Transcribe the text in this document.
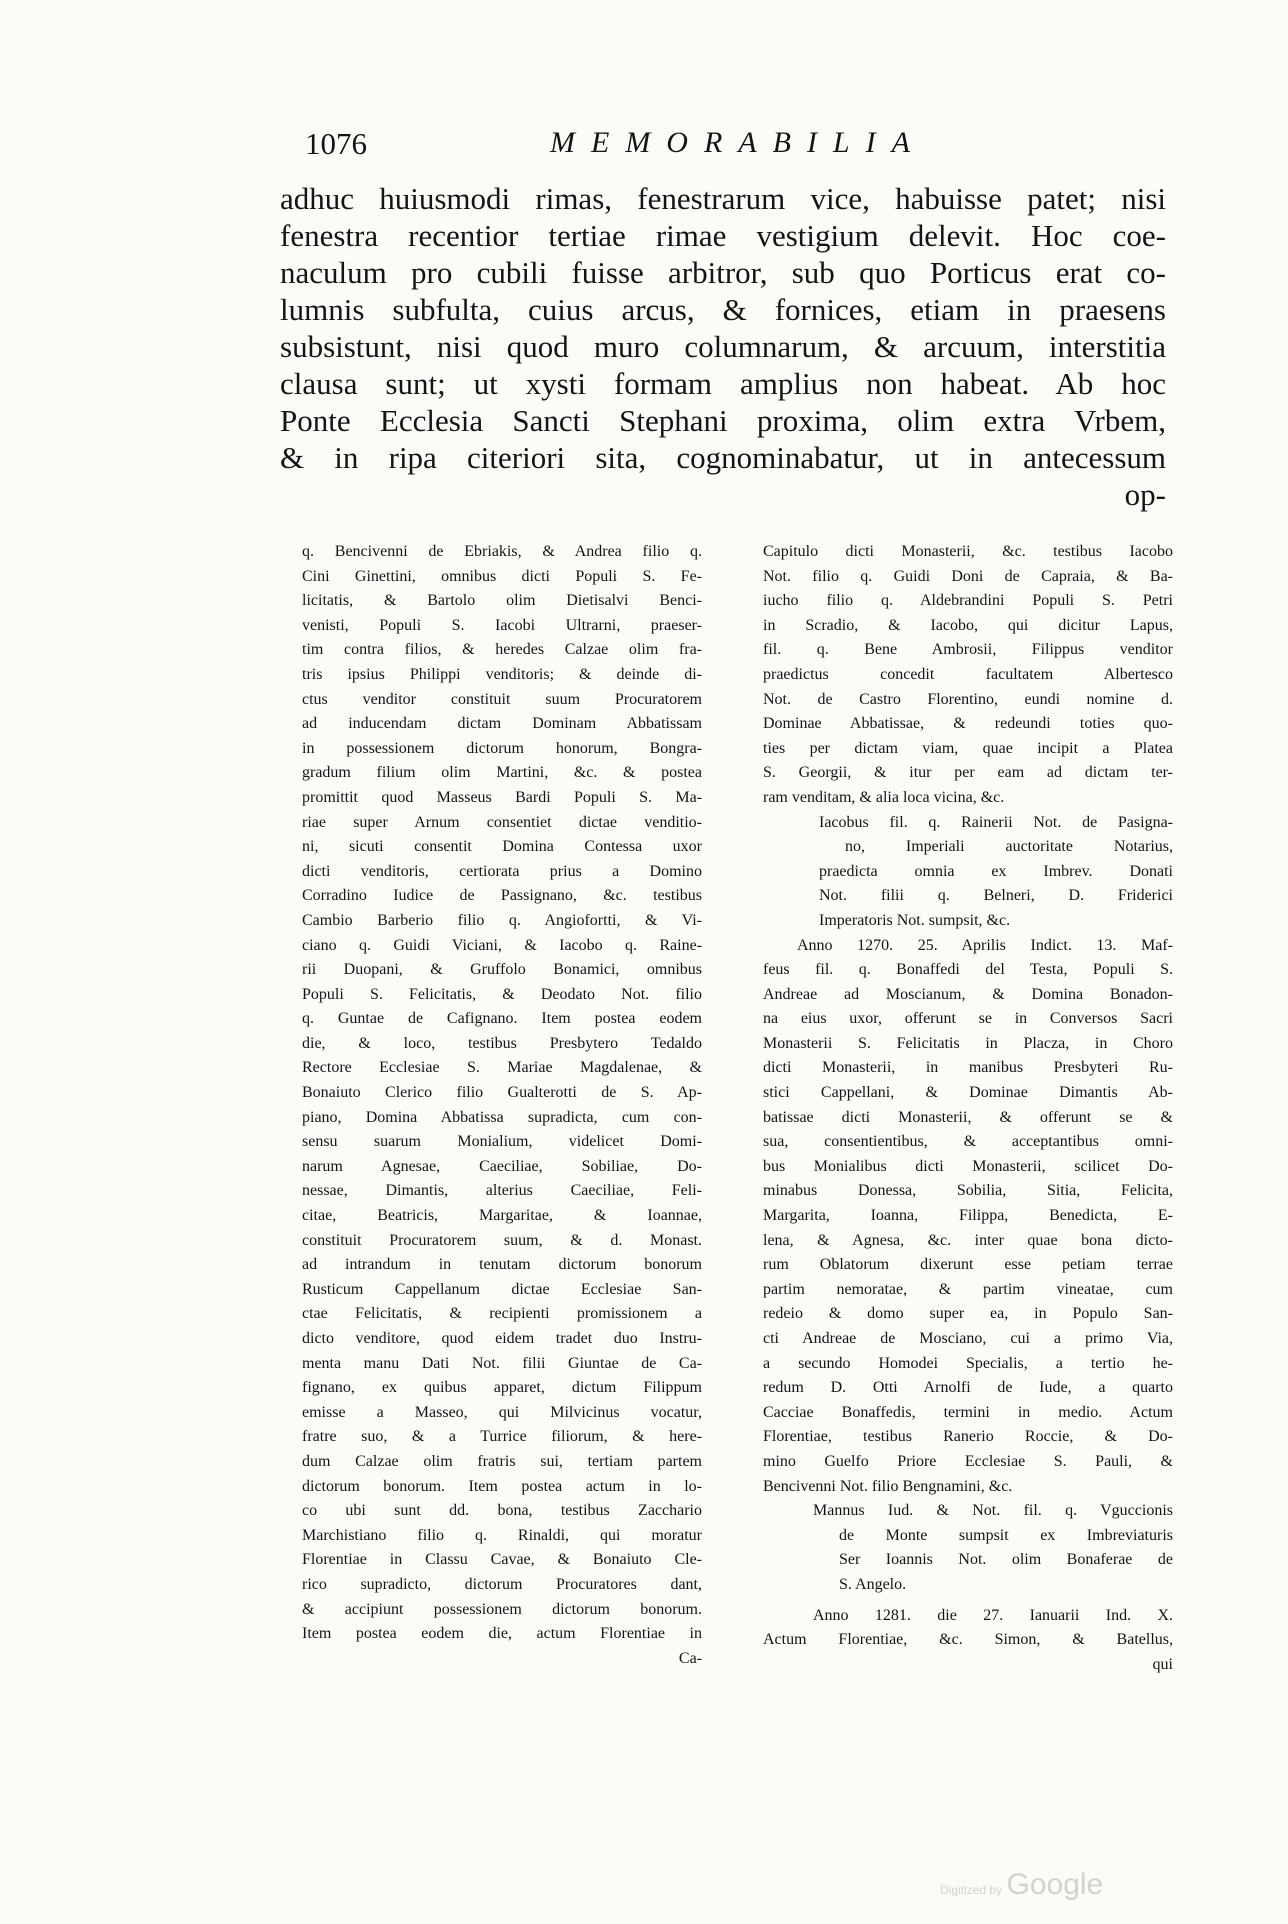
1076	MEMORABILIA
adhuc huiusmodi rimas, fenestrarum vice, habuisse patet; nisi
fenestra recentior tertiae rimae vestigium delevit. Hoc coe-
naculum pro cubili fuisse arbitror, sub quo Porticus erat co-
lumnis subfulta, cuius arcus, & fornices, etiam in praesens
subsistunt, nisi quod muro columnarum, & arcuum, interstitia
clausa sunt; ut xysti formam amplius non habeat. Ab hoc
Ponte Ecclesia Sancti Stephani proxima, olim extra Vrbem,
& in ripa citeriori sita, cognominabatur, ut in antecessum
op-
q. Bencivenni de Ebriakis, & Andrea filio q.
Cini Ginettini, omnibus dicti Populi S. Fe-
licitatis, & Bartolo olim Dietisalvi Benci-
venisti, Populi S. Iacobi Ultrarni, praeser-
tim contra filios, & heredes Calzae olim fra-
tris ipsius Philippi venditoris; & deinde di-
ctus venditor constituit suum Procuratorem
ad inducendam dictam Dominam Abbatissam
in possessionem dictorum honorum, Bongra-
gradum filium olim Martini, &c. & postea
promittit quod Masseus Bardi Populi S. Ma-
riae super Arnum consentiet dictae venditio-
ni, sicuti consentit Domina Contessa uxor
dicti venditoris, certiorata prius a Domino
Corradino Iudice de Passignano, &c. testibus
Cambio Barberio filio q. Angiofortti, & Vi-
ciano q. Guidi Viciani, & Iacobo q. Raine-
rii Duopani, & Gruffolo Bonamici, omnibus
Populi S. Felicitatis, & Deodato Not. filio
q. Guntae de Cafignano. Item postea eodem
die, & loco, testibus Presbytero Tedaldo
Rectore Ecclesiae S. Mariae Magdalenae, &
Bonaiuto Clerico filio Gualterotti de S. Ap-
piano, Domina Abbatissa supradicta, cum con-
sensu suarum Monialium, videlicet Domi-
narum Agnesae, Caeciliae, Sobiliae, Do-
nessae, Dimantis, alterius Caeciliae, Feli-
citae, Beatricis, Margaritae, & Ioannae,
constituit Procuratorem suum, & d. Monast.
ad intrandum in tenutam dictorum bonorum
Rusticum Cappellanum dictae Ecclesiae San-
ctae Felicitatis, & recipienti promissionem a
dicto venditore, quod eidem tradet duo Instru-
menta manu Dati Not. filii Giuntae de Ca-
fignano, ex quibus apparet, dictum Filippum
emisse a Masseo, qui Milvicinus vocatur,
fratre suo, & a Turrice filiorum, & here-
dum Calzae olim fratris sui, tertiam partem
dictorum bonorum. Item postea actum in lo-
co ubi sunt dd. bona, testibus Zacchario
Marchistiano filio q. Rinaldi, qui moratur
Florentiae in Classu Cavae, & Bonaiuto Cle-
rico supradicto, dictorum Procuratores dant,
& accipiunt possessionem dictorum bonorum.
Item postea eodem die, actum Florentiae in
Ca-
Capitulo dicti Monasterii, &c. testibus Iacobo
Not. filio q. Guidi Doni de Capraia, & Ba-
iucho filio q. Aldebrandini Populi S. Petri
in Scradio, & Iacobo, qui dicitur Lapus,
fil. q. Bene Ambrosii, Filippus venditor
praedictus concedit facultatem Albertesco
Not. de Castro Florentino, eundi nomine d.
Dominae Abbatissae, & redeundi toties quo-
ties per dictam viam, quae incipit a Platea
S. Georgii, & itur per eam ad dictam ter-
ram venditam, & alia loca vicina, &c.
Iacobus fil. q. Rainerii Not. de Pasigna-
no, Imperiali auctoritate Notarius,
praedicta omnia ex Imbrev. Donati
Not. filii q. Belneri, D. Friderici
Imperatoris Not. sumpsit, &c.
Anno 1270. 25. Aprilis Indict. 13. Maf-
feus fil. q. Bonaffedi del Testa, Populi S.
Andreae ad Moscianum, & Domina Bonadon-
na eius uxor, offerunt se in Conversos Sacri
Monasterii S. Felicitatis in Placza, in Choro
dicti Monasterii, in manibus Presbyteri Ru-
stici Cappellani, & Dominae Dimantis Ab-
batissae dicti Monasterii, & offerunt se &
sua, consentientibus, & acceptantibus omni-
bus Monialibus dicti Monasterii, scilicet Do-
minabus Donessa, Sobilia, Sitia, Felicita,
Margarita, Ioanna, Filippa, Benedicta, E-
lena, & Agnesa, &c. inter quae bona dicto-
rum Oblatorum dixerunt esse petiam terrae
partim nemoratae, & partim vineatae, cum
redeio & domo super ea, in Populo San-
cti Andreae de Mosciano, cui a primo Via,
a secundo Homodei Specialis, a tertio he-
redum D. Otti Arnolfi de Iude, a quarto
Cacciae Bonaffedis, termini in medio. Actum
Florentiae, testibus Ranerio Roccie, & Do-
mino Guelfo Priore Ecclesiae S. Pauli, &
Bencivenni Not. filio Bengnamini, &c.
Mannus Iud. & Not. fil. q. Vguccionis
de Monte sumpsit ex Imbreviaturis
Ser Ioannis Not. olim Bonaferae de
S. Angelo.
Anno 1281. die 27. Ianuarii Ind. X.
Actum Florentiae, &c. Simon, & Batellus,
qui
Digitized by Google
